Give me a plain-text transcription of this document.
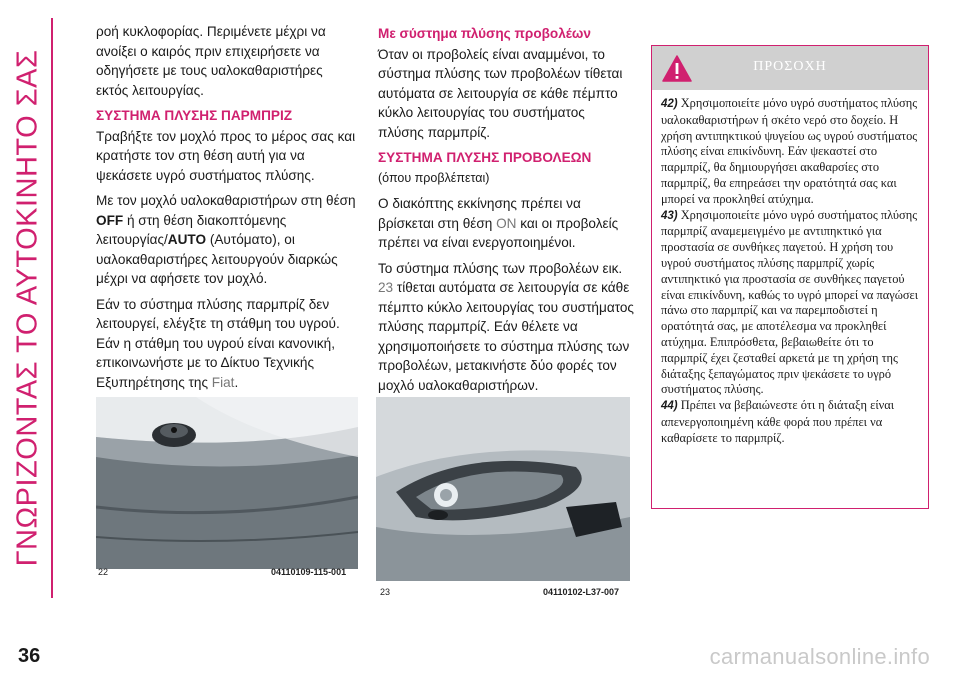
ΓΝΩΡΙΖΟΝΤΑΣ ΤΟ ΑΥΤΟΚΙΝΗΤΟ ΣΑΣ

ροή κυκλοφορίας. Περιμένετε μέχρι να ανοίξει ο καιρός πριν επιχειρήσετε να οδηγήσετε με τους υαλοκαθαριστήρες εκτός λειτουργίας.

ΣΥΣΤΗΜΑ ΠΛΥΣΗΣ ΠΑΡΜΠΡΙΖ

Τραβήξτε τον μοχλό προς το μέρος σας και κρατήστε τον στη θέση αυτή για να ψεκάσετε υγρό συστήματος πλύσης.

Με τον μοχλό υαλοκαθαριστήρων στη θέση OFF ή στη θέση διακοπτόμενης λειτουργίας/AUTO (Αυτόματο), οι υαλοκαθαριστήρες λειτουργούν διαρκώς μέχρι να αφήσετε τον μοχλό.

Εάν το σύστημα πλύσης παρμπρίζ δεν λειτουργεί, ελέγξτε τη στάθμη του υγρού. Εάν η στάθμη του υγρού είναι κανονική, επικοινωνήστε με το Δίκτυο Τεχνικής Εξυπηρέτησης της Fiat.

Με σύστημα πλύσης προβολέων

Όταν οι προβολείς είναι αναμμένοι, το σύστημα πλύσης των προβολέων τίθεται αυτόματα σε λειτουργία σε κάθε πέμπτο κύκλο λειτουργίας του συστήματος πλύσης παρμπρίζ.

ΣΥΣΤΗΜΑ ΠΛΥΣΗΣ ΠΡΟΒΟΛΕΩΝ

(όπου προβλέπεται)

Ο διακόπτης εκκίνησης πρέπει να βρίσκεται στη θέση ON και οι προβολείς πρέπει να είναι ενεργοποιημένοι.

Το σύστημα πλύσης των προβολέων εικ. 23 τίθεται αυτόματα σε λειτουργία σε κάθε πέμπτο κύκλο λειτουργίας του συστήματος πλύσης παρμπρίζ. Εάν θέλετε να χρησιμοποιήσετε το σύστημα πλύσης των προβολέων, μετακινήστε δύο φορές τον μοχλό υαλοκαθαριστήρων.

22	04110109-115-001
23	04110102-L37-007
ΠΡΟΣΟΧΗ

42) Χρησιμοποιείτε μόνο υγρό συστήματος πλύσης υαλοκαθαριστήρων ή σκέτο νερό στο δοχείο. Η χρήση αντιπηκτικού ψυγείου ως υγρού συστήματος πλύσης είναι επικίνδυνη. Εάν ψεκαστεί στο παρμπρίζ, θα δημιουργήσει ακαθαρσίες στο παρμπρίζ, θα επηρεάσει την ορατότητά σας και μπορεί να προκληθεί ατύχημα.

43) Χρησιμοποιείτε μόνο υγρό συστήματος πλύσης παρμπρίζ αναμεμειγμένο με αντιπηκτικό για προστασία σε συνθήκες παγετού. Η χρήση του υγρού συστήματος πλύσης παρμπρίζ χωρίς αντιπηκτικό για προστασία σε συνθήκες παγετού είναι επικίνδυνη, καθώς το υγρό μπορεί να παγώσει πάνω στο παρμπρίζ και να παρεμποδιστεί η ορατότητά σας, με αποτέλεσμα να προκληθεί ατύχημα. Επιπρόσθετα, βεβαιωθείτε ότι το παρμπρίζ έχει ζεσταθεί αρκετά με τη χρήση της διάταξης ξεπαγώματος πριν ψεκάσετε το υγρό συστήματος πλύσης.

44) Πρέπει να βεβαιώνεστε ότι η διάταξη είναι απενεργοποιημένη κάθε φορά που πρέπει να καθαρίσετε το παρμπρίζ.

36	carmanualsonline.info
